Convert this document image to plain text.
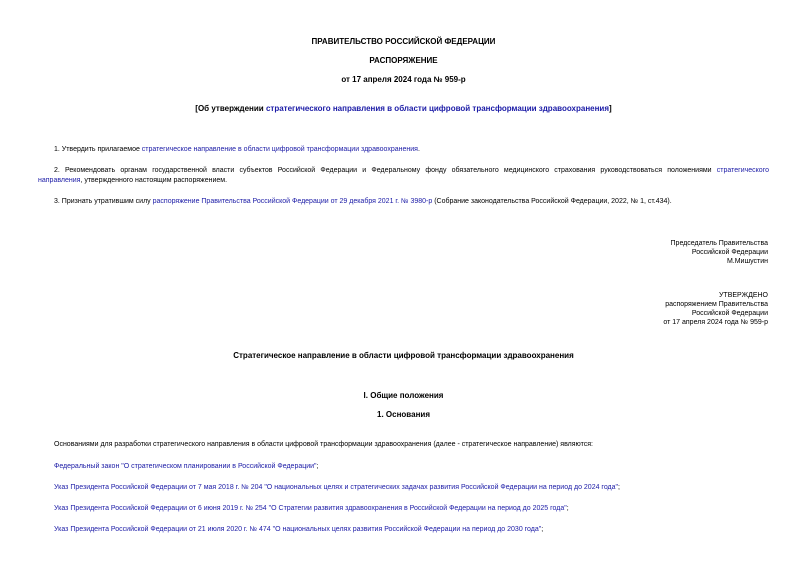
ПРАВИТЕЛЬСТВО РОССИЙСКОЙ ФЕДЕРАЦИИ
РАСПОРЯЖЕНИЕ
от 17 апреля 2024 года № 959-р
[Об утверждении стратегического направления в области цифровой трансформации здравоохранения]

1. Утвердить прилагаемое стратегическое направление в области цифровой трансформации здравоохранения.

2. Рекомендовать органам государственной власти субъектов Российской Федерации и Федеральному фонду обязательного медицинского страхования руководствоваться положениями стратегического

направления, утвержденного настоящим распоряжением.

3. Признать утратившим силу распоряжение Правительства Российской Федерации от 29 декабря 2021 г. № 3980-р (Собрание законодательства Российской Федерации, 2022, № 1, ст.434).

Председатель Правительства

Российской Федерации

М.Мишустин

УТВЕРЖДЕНО

распоряжением Правительства

Российской Федерации

от 17 апреля 2024 года № 959-р

Стратегическое направление в области цифровой трансформации здравоохранения
I. Общие положения
1. Основания

Основаниями для разработки стратегического направления в области цифровой трансформации здравоохранения (далее - стратегическое направление) являются:

Федеральный закон "О стратегическом планировании в Российской Федерации";

Указ Президента Российской Федерации от 7 мая 2018 г. № 204 "О национальных целях и стратегических задачах развития Российской Федерации на период до 2024 года";

Указ Президента Российской Федерации от 6 июня 2019 г. № 254 "О Стратегии развития здравоохранения в Российской Федерации на период до 2025 года";

Указ Президента Российской Федерации от 21 июля 2020 г. № 474 "О национальных целях развития Российской Федерации на период до 2030 года";
